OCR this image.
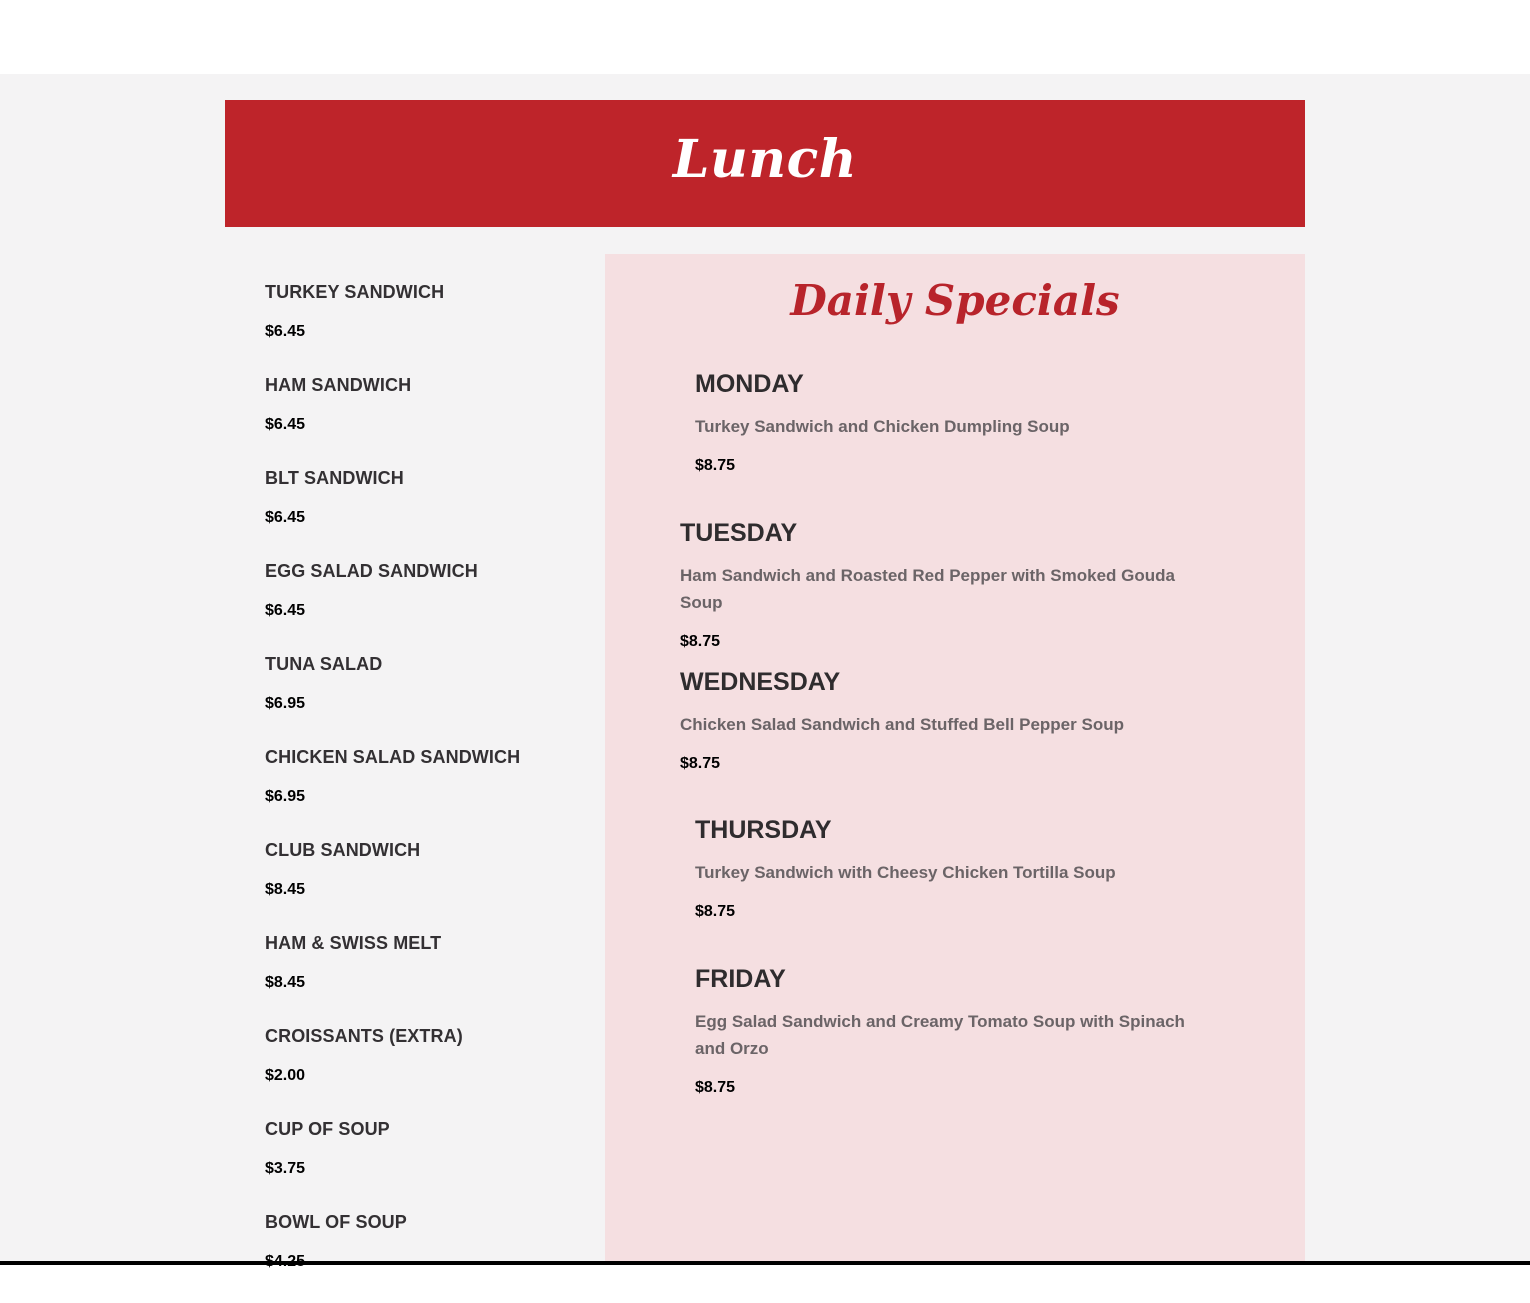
Lunch
TURKEY SANDWICH
$6.45
HAM SANDWICH
$6.45
BLT SANDWICH
$6.45
EGG SALAD SANDWICH
$6.45
TUNA SALAD
$6.95
CHICKEN SALAD SANDWICH
$6.95
CLUB SANDWICH
$8.45
HAM & SWISS MELT
$8.45
CROISSANTS (EXTRA)
$2.00
CUP OF SOUP
$3.75
BOWL OF SOUP
Daily Specials
MONDAY
Turkey Sandwich and Chicken Dumpling Soup
$8.75
TUESDAY
Ham Sandwich and Roasted Red Pepper with Smoked Gouda Soup
$8.75
WEDNESDAY
Chicken Salad Sandwich and Stuffed Bell Pepper Soup
$8.75
THURSDAY
Turkey Sandwich with Cheesy Chicken Tortilla Soup
$8.75
FRIDAY
Egg Salad Sandwich and Creamy Tomato Soup with Spinach and Orzo
$8.75
